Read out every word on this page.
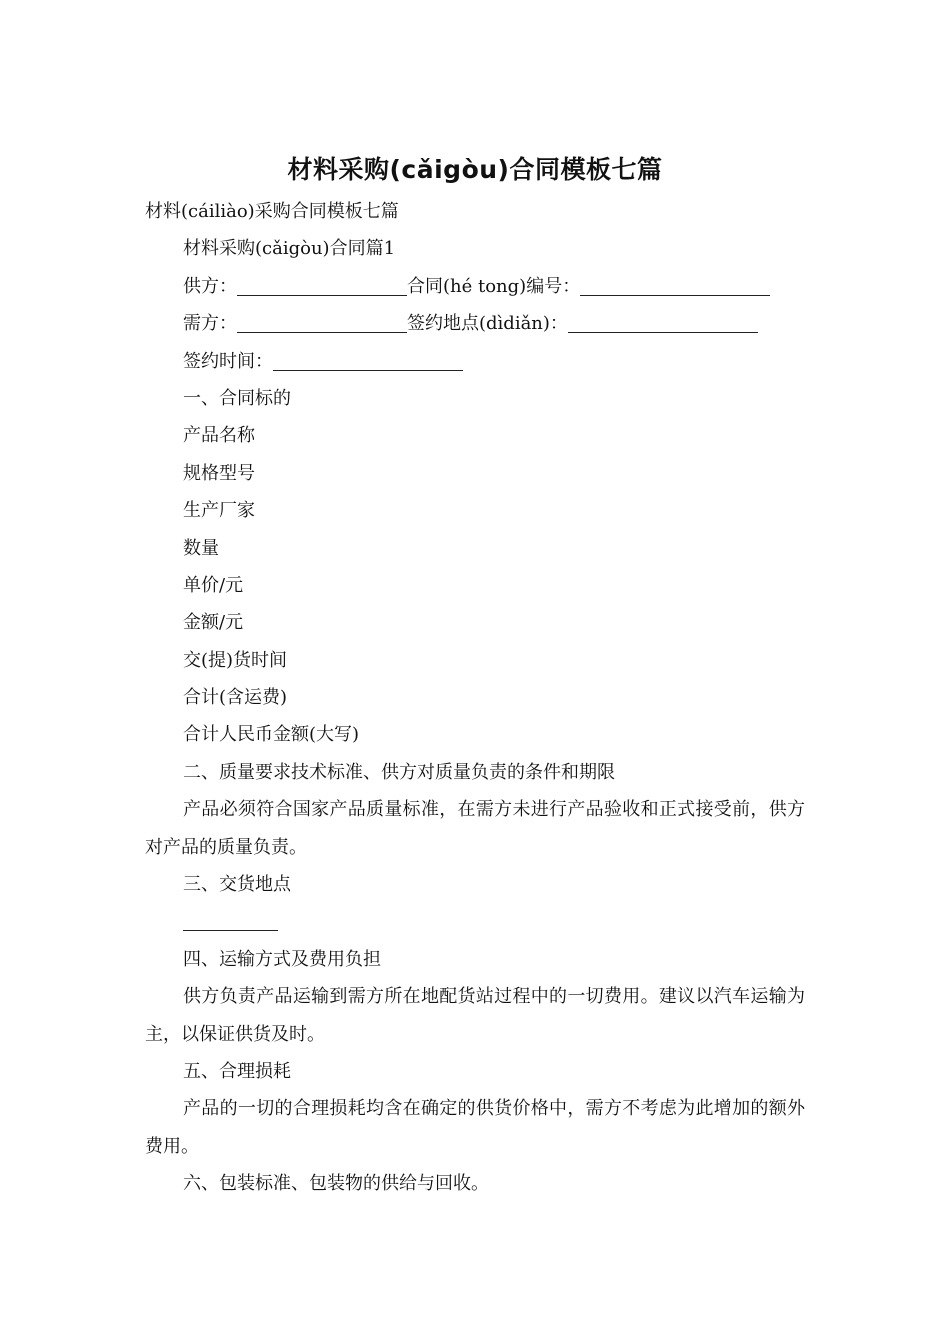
材料采购(cǎigòu)合同模板七篇
材料(cáiliào)采购合同模板七篇
材料采购(cǎigòu)合同篇1
供方：	合同(hé tong)编号：
需方：	签约地点(dìdiǎn)：
签约时间：
一、合同标的
产品名称
规格型号
生产厂家
数量
单价/元
金额/元
交(提)货时间
合计(含运费)
合计人民币金额(大写)
二、质量要求技术标准、供方对质量负责的条件和期限
产品必须符合国家产品质量标准，在需方未进行产品验收和正式接受前，供方对产品的质量负责。
三、交货地点
四、运输方式及费用负担
供方负责产品运输到需方所在地配货站过程中的一切费用。建议以汽车运输为主，以保证供货及时。
五、合理损耗
产品的一切的合理损耗均含在确定的供货价格中，需方不考虑为此增加的额外费用。
六、包装标准、包装物的供给与回收。
